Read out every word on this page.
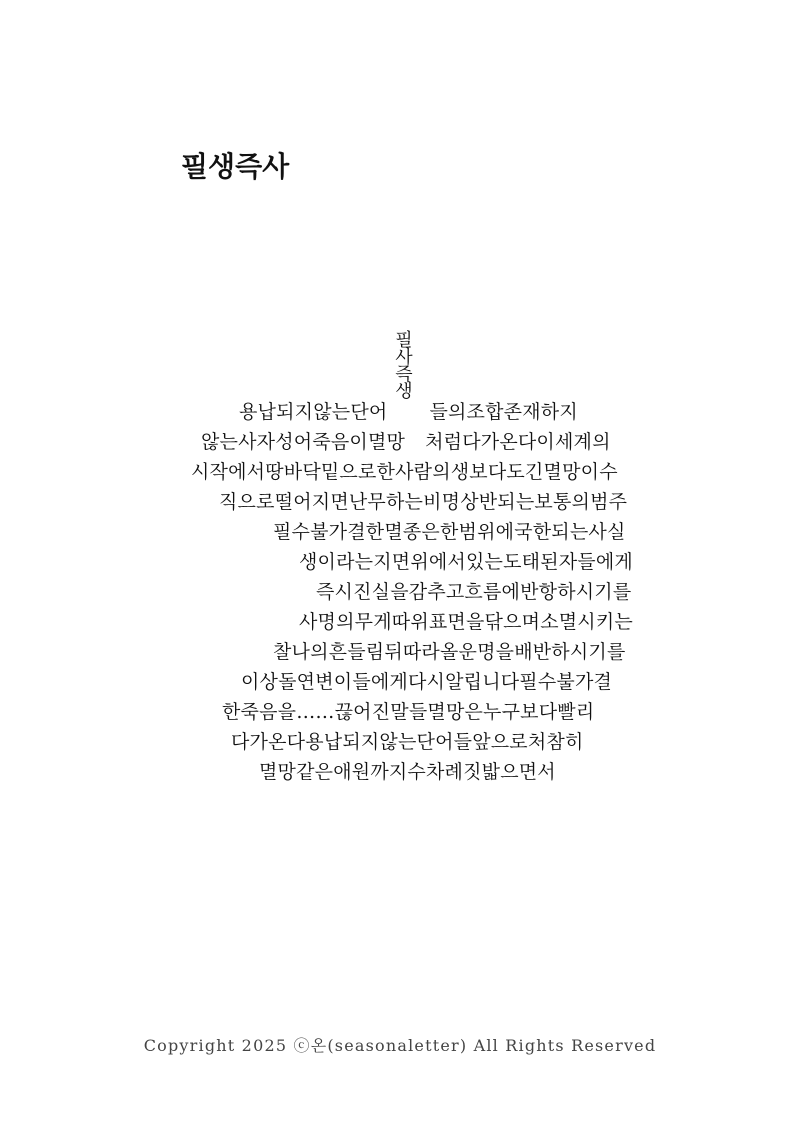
필생즉사
필사즉생
용납되지않는단어 들의조합존재하지
않는사자성어죽음이멸망 처럼다가온다이세계의
시작에서땅바닥밑으로한사람의생보다도긴멸망이수
직으로떨어지면난무하는비명상반되는보통의범주
필수불가결한멸종은한범위에국한되는사실
생이라는지면위에서있는도태된자들에게
즉시진실을감추고흐름에반항하시기를
사명의무게따위표면을닦으며소멸시키는
찰나의흔들림뒤따라올운명을배반하시기를
이상돌연변이들에게다시알립니다필수불가결
한죽음을……끊어진말들멸망은누구보다빨리
다가온다용납되지않는단어들앞으로처참히
멸망같은애원까지수차례짓밟으면서
Copyright 2025 ⓒ온(seasonaletter) All Rights Reserved
